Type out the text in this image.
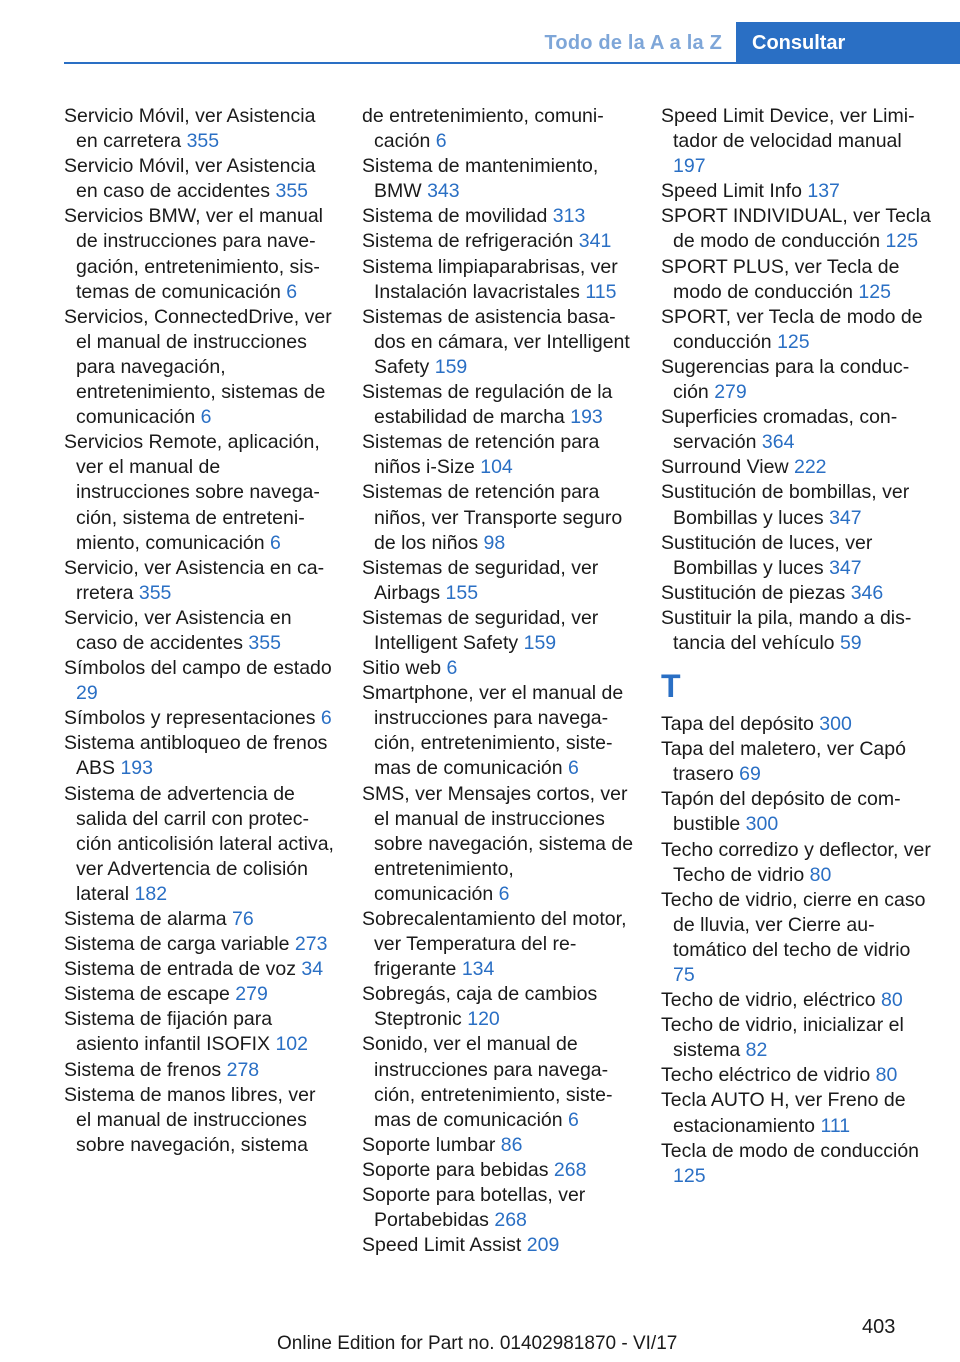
Todo de la A a la Z	Consultar
Servicio Móvil, ver Asistencia en carretera 355
Servicio Móvil, ver Asistencia en caso de accidentes 355
Servicios BMW, ver el manual de instrucciones para navegación, entretenimiento, sistemas de comunicación 6
Servicios, ConnectedDrive, ver el manual de instrucciones para navegación, entretenimiento, sistemas de comunicación 6
Servicios Remote, aplicación, ver el manual de instrucciones sobre navegación, sistema de entretenimiento, comunicación 6
Servicio, ver Asistencia en carretera 355
Servicio, ver Asistencia en caso de accidentes 355
Símbolos del campo de estado 29
Símbolos y representaciones 6
Sistema antibloqueo de frenos ABS 193
Sistema de advertencia de salida del carril con protección anticolisión lateral activa, ver Advertencia de colisión lateral 182
Sistema de alarma 76
Sistema de carga variable 273
Sistema de entrada de voz 34
Sistema de escape 279
Sistema de fijación para asiento infantil ISOFIX 102
Sistema de frenos 278
Sistema de manos libres, ver el manual de instrucciones sobre navegación, sistema
de entretenimiento, comunicación 6
Sistema de mantenimiento, BMW 343
Sistema de movilidad 313
Sistema de refrigeración 341
Sistema limpiaparabrisas, ver Instalación lavacristales 115
Sistemas de asistencia basados en cámara, ver Intelligent Safety 159
Sistemas de regulación de la estabilidad de marcha 193
Sistemas de retención para niños i-Size 104
Sistemas de retención para niños, ver Transporte seguro de los niños 98
Sistemas de seguridad, ver Airbags 155
Sistemas de seguridad, ver Intelligent Safety 159
Sitio web 6
Smartphone, ver el manual de instrucciones para navegación, entretenimiento, sistemas de comunicación 6
SMS, ver Mensajes cortos, ver el manual de instrucciones sobre navegación, sistema de entretenimiento, comunicación 6
Sobrecalentamiento del motor, ver Temperatura del refrigerante 134
Sobregás, caja de cambios Steptronic 120
Sonido, ver el manual de instrucciones para navegación, entretenimiento, sistemas de comunicación 6
Soporte lumbar 86
Soporte para bebidas 268
Soporte para botellas, ver Portabebidas 268
Speed Limit Assist 209
Speed Limit Device, ver Limitador de velocidad manual 197
Speed Limit Info 137
SPORT INDIVIDUAL, ver Tecla de modo de conducción 125
SPORT PLUS, ver Tecla de modo de conducción 125
SPORT, ver Tecla de modo de conducción 125
Sugerencias para la conducción 279
Superficies cromadas, conservación 364
Surround View 222
Sustitución de bombillas, ver Bombillas y luces 347
Sustitución de luces, ver Bombillas y luces 347
Sustitución de piezas 346
Sustituir la pila, mando a distancia del vehículo 59
T
Tapa del depósito 300
Tapa del maletero, ver Capó trasero 69
Tapón del depósito de combustible 300
Techo corredizo y deflector, ver Techo de vidrio 80
Techo de vidrio, cierre en caso de lluvia, ver Cierre automático del techo de vidrio 75
Techo de vidrio, eléctrico 80
Techo de vidrio, inicializar el sistema 82
Techo eléctrico de vidrio 80
Tecla AUTO H, ver Freno de estacionamiento 111
Tecla de modo de conducción 125
403
Online Edition for Part no. 01402981870 - VI/17
